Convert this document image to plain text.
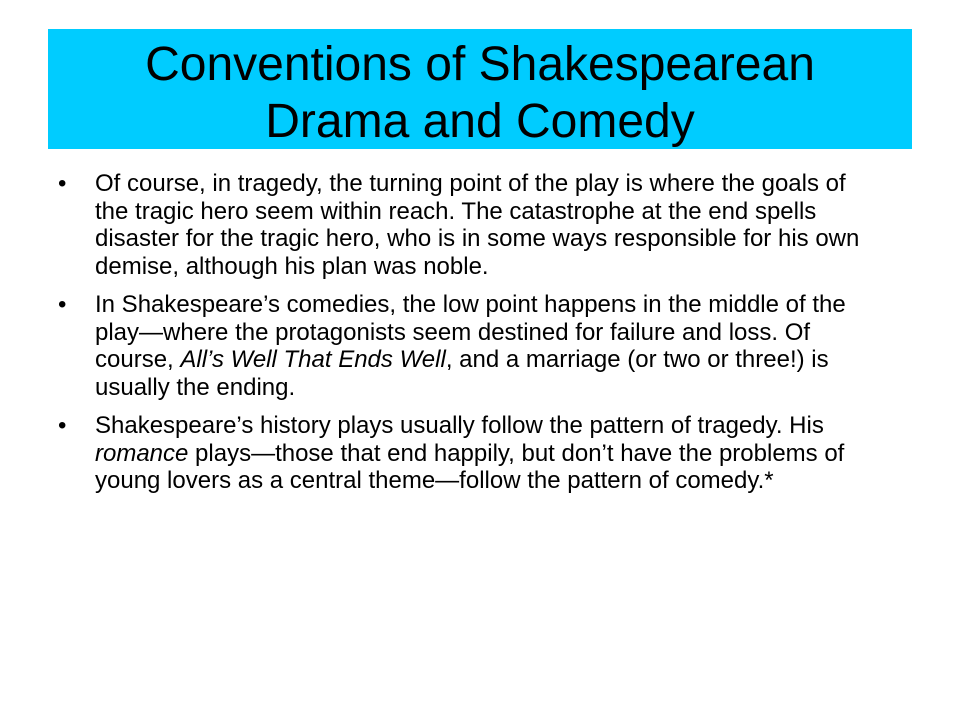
Conventions of Shakespearean
Drama and Comedy
• Of course, in tragedy, the turning point of the play is where the goals of the tragic hero seem within reach. The catastrophe at the end spells disaster for the tragic hero, who is in some ways responsible for his own demise, although his plan was noble.
• In Shakespeare’s comedies, the low point happens in the middle of the play—where the protagonists seem destined for failure and loss. Of course, All’s Well That Ends Well, and a marriage (or two or three!) is usually the ending.
• Shakespeare’s history plays usually follow the pattern of tragedy. His romance plays—those that end happily, but don’t have the problems of young lovers as a central theme—follow the pattern of comedy.*
